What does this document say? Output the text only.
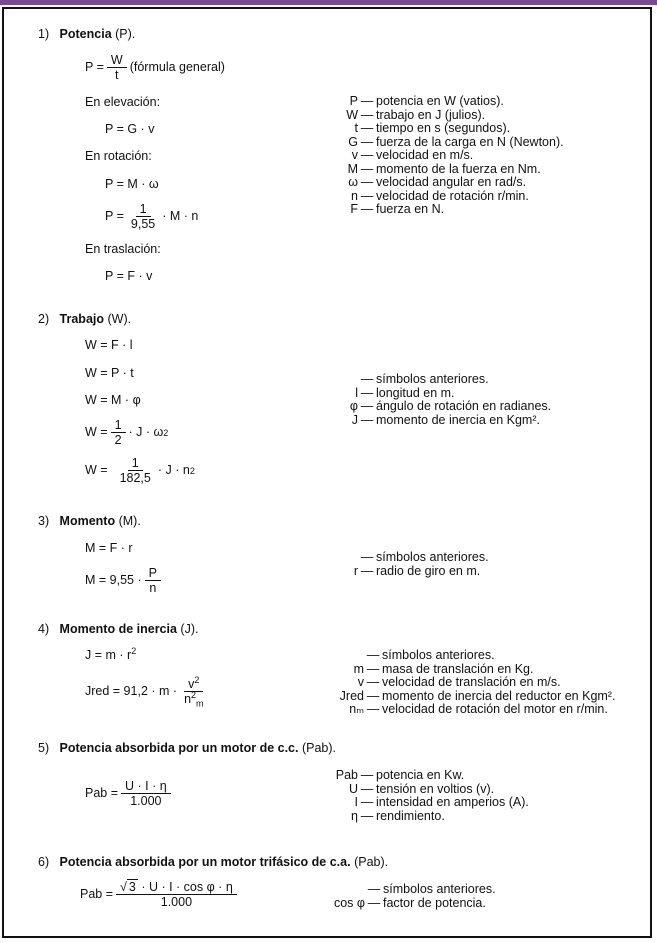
1) Potencia (P).
$P = \frac{W}{t}$ (fórmula general)
En elevación:
P = G · v
En rotación:
P = M · ω
$P = \frac{1}{9,55} \cdot M \cdot n$
En traslación:
P = F · v
P — potencia en W (vatios).
W — trabajo en J (julios).
t — tiempo en s (segundos).
G — fuerza de la carga en N (Newton).
v — velocidad en m/s.
M — momento de la fuerza en Nm.
ω — velocidad angular en rad/s.
n — velocidad de rotación r/min.
F — fuerza en N.
2) Trabajo (W).
W = F · l
W = P · t
W = M · φ
$W = \frac{1}{2} \cdot J \cdot \omega$ 2
$W = \frac{1}{182,5} \cdot J \cdot n$ 2
— símbolos anteriores.
l — longitud en m.
φ — ángulo de rotación en radianes.
J — momento de inercia en Kgm².
3) Momento (M).
M = F · r
$M = 9,55 \cdot \frac{P}{n}$
— símbolos anteriores.
r — radio de giro en m.
4) Momento de inercia (J).
$J = m \cdot r^2$
Jred = $91,2 \cdot m \cdot \frac{v^2}{n^2_m}$
— símbolos anteriores.
m — masa de translación en Kg.
v — velocidad de translación en m/s.
Jred — momento de inercia del reductor en Kgm².
nₘ — velocidad de rotación del motor en r/min.
5) Potencia absorbida por un motor de c.c. (Pab).
Pab = $\frac{U \cdot I \cdot \eta}{1.000}$
Pab — potencia en Kw.
U — tensión en voltios (v).
I — intensidad en amperios (A).
η — rendimiento.
6) Potencia absorbida por un motor trifásico de c.a. (Pab).
Pab = $\frac{\text{√ 3 · U · I · cos φ · η}}{1.000}$	— símbolos anteriores.
cos φ — factor de potencia.
